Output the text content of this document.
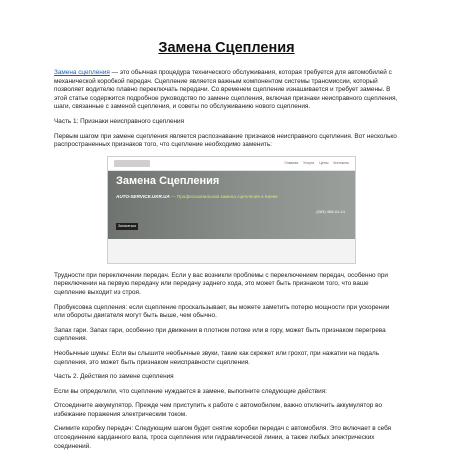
Замена Сцепления

Замена сцепления — это обычная процедура технического обслуживания, которая требуется для автомобилей с механической коробкой передач. Сцепление является важным компонентом системы трансмиссии, который позволяет водителю плавно переключать передачи. Со временем сцепление изнашивается и требует замены. В этой статье содержится подробное руководство по замене сцепления, включая признаки неисправного сцепления, шаги, связанные с заменой сцепления, и советы по обслуживанию нового сцепления.

Часть 1: Признаки неисправного сцепления

Первым шагом при замене сцепления является распознавание признаков неисправного сцепления. Вот несколько распространенных признаков того, что сцепление необходимо заменить:

Главная Услуги Цены Контакты
Замена Сцепления
AUTO-SERVICE.UKR.UA — Профессиональная замена сцепления в Киеве
(063) 466-01-14
Записаться

Трудности при переключении передач. Если у вас возникли проблемы с переключением передач, особенно при переключении на первую передачу или передачу заднего хода, это может быть признаком того, что ваше сцепление выходит из строя.

Пробуксовка сцепления: если сцепление проскальзывает, вы можете заметить потерю мощности при ускорении или обороты двигателя могут быть выше, чем обычно.

Запах гари. Запах гари, особенно при движении в плотном потоке или в гору, может быть признаком перегрева сцепления.

Необычные шумы: Если вы слышите необычные звуки, такие как скрежет или грохот, при нажатии на педаль сцепления, это может быть признаком неисправности сцепления.

Часть 2. Действия по замене сцепления

Если вы определили, что сцепление нуждается в замене, выполните следующие действия:

Отсоедините аккумулятор. Прежде чем приступить к работе с автомобилем, важно отключить аккумулятор во избежание поражения электрическим током.

Снимите коробку передач: Следующим шагом будет снятие коробки передач с автомобиля. Это включает в себя отсоединение карданного вала, троса сцепления или гидравлической линии, а также любых электрических соединений.
